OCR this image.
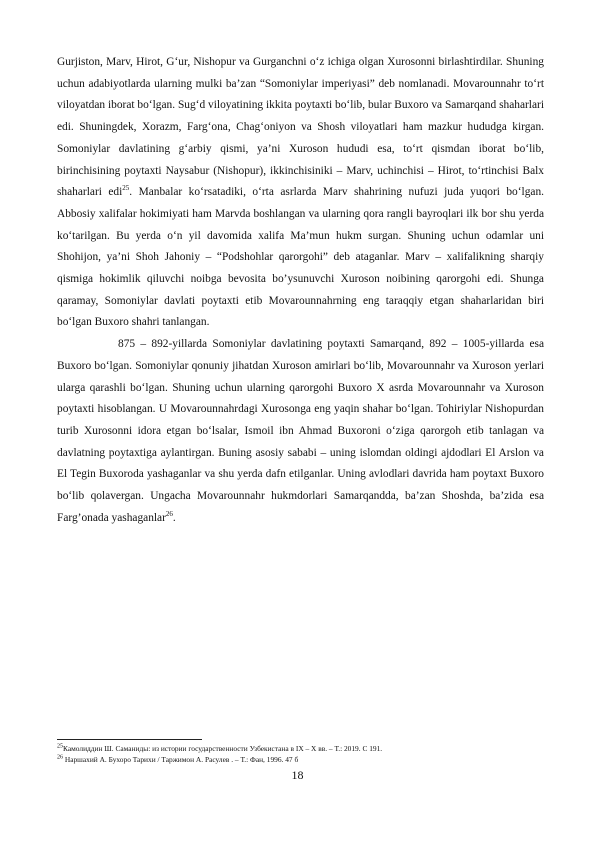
Gurjiston, Marv, Hirot, G‘ur, Nishopur va Gurganchni o‘z ichiga olgan Xurosonni birlashtirdilar. Shuning uchun adabiyotlarda ularning mulki ba’zan “Somoniylar imperiyasi” deb nomlanadi. Movarounnahr to‘rt viloyatdan iborat bo‘lgan. Sug‘d viloyatining ikkita poytaxti bo‘lib, bular Buxoro va Samarqand shaharlari edi. Shuningdek, Xorazm, Farg‘ona, Chag‘oniyon va Shosh viloyatlari ham mazkur hududga kirgan. Somoniylar davlatining g‘arbiy qismi, ya’ni Xuroson hududi esa, to‘rt qismdan iborat bo‘lib, birinchisining poytaxti Naysabur (Nishopur), ikkinchisiniki – Marv, uchinchisi – Hirot, to‘rtinchisi Balx shaharlari edi$^{25}$. Manbalar ko‘rsatadiki, o‘rta asrlarda Marv shahrining nufuzi juda yuqori bo‘lgan. Abbosiy xalifalar hokimiyati ham Marvda boshlangan va ularning qora rangli bayroqlari ilk bor shu yerda ko‘tarilgan. Bu yerda o‘n yil davomida xalifa Ma’mun hukm surgan. Shuning uchun odamlar uni Shohijon, ya’ni Shoh Jahoniy – “Podshohlar qarorgohi” deb ataganlar. Marv – xalifalikning sharqiy qismiga hokimlik qiluvchi noibga bevosita bo’ysunuvchi Xuroson noibining qarorgohi edi. Shunga qaramay, Somoniylar davlati poytaxti etib Movarounnahrning eng taraqqiy etgan shaharlaridan biri bo‘lgan Buxoro shahri tanlangan.

875 – 892-yillarda Somoniylar davlatining poytaxti Samarqand, 892 – 1005-yillarda esa Buxoro bo‘lgan. Somoniylar qonuniy jihatdan Xuroson amirlari bo‘lib, Movarounnahr va Xuroson yerlari ularga qarashli bo‘lgan. Shuning uchun ularning qarorgohi Buxoro X asrda Movarounnahr va Xuroson poytaxti hisoblangan. U Movarounnahrdagi Xurosonga eng yaqin shahar bo‘lgan. Tohiriylar Nishopurdan turib Xurosonni idora etgan bo‘lsalar, Ismoil ibn Ahmad Buxoroni o‘ziga qarorgoh etib tanlagan va davlatning poytaxtiga aylantirgan. Buning asosiy sababi – uning islomdan oldingi ajdodlari El Arslon va El Tegin Buxoroda yashaganlar va shu yerda dafn etilganlar. Uning avlodlari davrida ham poytaxt Buxoro bo‘lib qolavergan. Ungacha Movarounnahr hukmdorlari Samarqandda, ba’zan Shoshda, ba’zida esa Farg’onada yashaganlar$^{26}$.

$^{25}$Камолиддин Ш. Саманиды: из истории государственности Узбекистана в IX – X вв. – Т.: 2019. С 191.

$^{26}$ Наршахий А. Бухоро Тарихи / Таржимон А. Расулев . – Т.: Фан, 1996. 47 б

18
